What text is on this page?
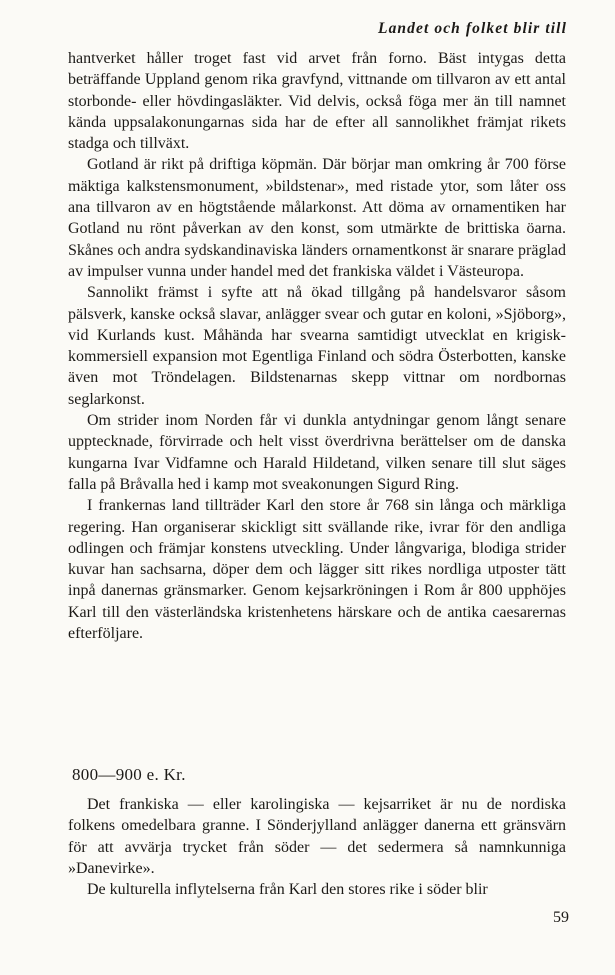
Landet och folket blir till

hantverket håller troget fast vid arvet från forno. Bäst intygas detta beträffande Uppland genom rika gravfynd, vittnande om tillvaron av ett antal storbonde- eller hövdingasläkter. Vid delvis, också föga mer än till namnet kända uppsalakonungarnas sida har de efter all sannolikhet främjat rikets stadga och tillväxt.

Gotland är rikt på driftiga köpmän. Där börjar man omkring år 700 förse mäktiga kalkstensmonument, »bildstenar», med ristade ytor, som låter oss ana tillvaron av en högtstående målarkonst. Att döma av ornamentiken har Gotland nu rönt påverkan av den konst, som utmärkte de brittiska öarna. Skånes och andra sydskandinaviska länders ornamentkonst är snarare präglad av impulser vunna under handel med det frankiska väldet i Västeuropa.

Sannolikt främst i syfte att nå ökad tillgång på handelsvaror såsom pälsverk, kanske också slavar, anlägger svear och gutar en koloni, »Sjöborg», vid Kurlands kust. Måhända har svearna samtidigt utvecklat en krigisk-kommersiell expansion mot Egentliga Finland och södra Österbotten, kanske även mot Tröndelagen. Bildstenarnas skepp vittnar om nordbornas seglarkonst.

Om strider inom Norden får vi dunkla antydningar genom långt senare upptecknade, förvirrade och helt visst överdrivna berättelser om de danska kungarna Ivar Vidfamne och Harald Hildetand, vilken senare till slut säges falla på Bråvalla hed i kamp mot sveakonungen Sigurd Ring.

I frankernas land tillträder Karl den store år 768 sin långa och märkliga regering. Han organiserar skickligt sitt svällande rike, ivrar för den andliga odlingen och främjar konstens utveckling. Under långvariga, blodiga strider kuvar han sachsarna, döper dem och lägger sitt rikes nordliga utposter tätt inpå danernas gränsmarker. Genom kejsarkröningen i Rom år 800 upphöjes Karl till den västerländska kristenhetens härskare och de antika caesarernas efterföljare.

800—900 e. Kr.

Det frankiska — eller karolingiska — kejsarriket är nu de nordiska folkens omedelbara granne. I Sönderjylland anlägger danerna ett gränsvärn för att avvärja trycket från söder — det sedermera så namnkunniga »Danevirke».

De kulturella inflytelserna från Karl den stores rike i söder blir

59
